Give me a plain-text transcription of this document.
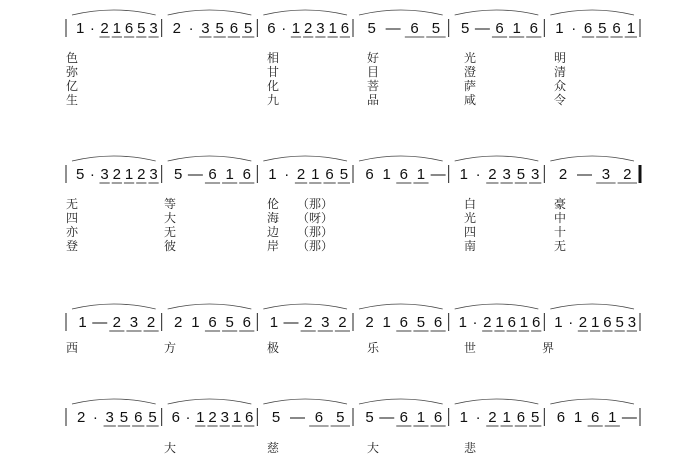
1 · 2 1 6 5 3 2 · 3 5 6 5 6 · 1 2 3 1 6 5 — 6 5 5 — 6 1 6 1 · 6 5 6 1
色	相	好	光	明
弥	甘	目	澄	清
亿	化	菩	萨	众
生	九	品	咸	令
5 · 3 2 1 2 3 5 — 6 1 6 1 · 2 1 6 5 6 1 6 1 — 1 · 2 3 5 3 2 — 3 2
无	等	伦 （那）	白	豪
四	大	海 （呀）	光	中
亦	无	边 （那）	四	十
登	彼	岸 （那）	南	无
1 — 2 3 2 2 1 6 5 6 1 — 2 3 2 2 1 6 5 6 1 · 2 1 6 1 6 1 · 2 1 6 5 3
西	方	极	乐	世	界
2 · 3 5 6 5 6 · 1 2 3 1 6 5 — 6 5 5 — 6 1 6 1 · 2 1 6 5 6 1 6 1 —
大	慈	大	悲
